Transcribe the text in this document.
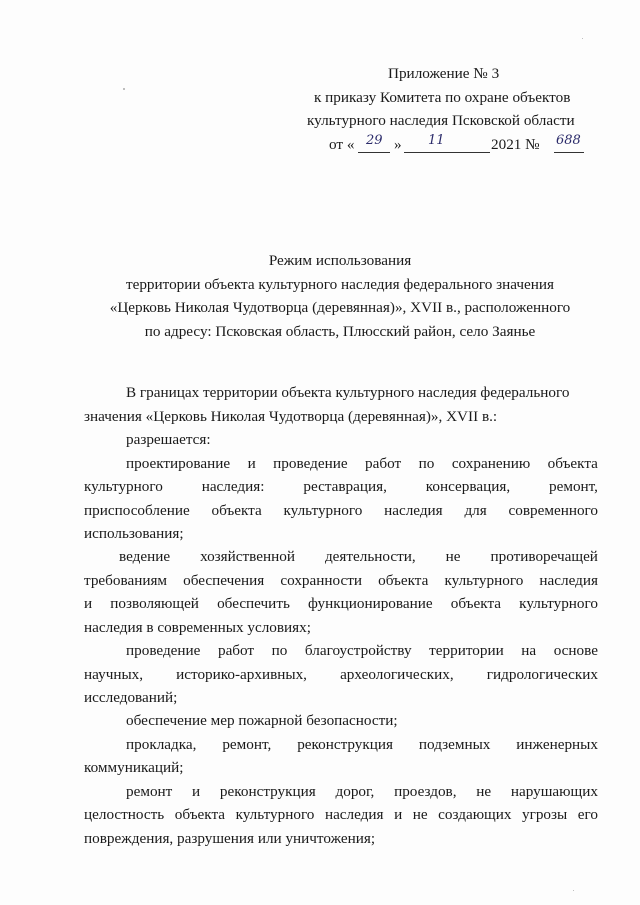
Приложение № 3
к приказу Комитета по охране объектов
культурного наследия Псковской области
от « 29 » 11	2021 № 688
Режим использования
территории объекта культурного наследия федерального значения
«Церковь Николая Чудотворца (деревянная)», XVII в., расположенного
по адресу: Псковская область, Плюсский район, село Заянье
В границах территории объекта культурного наследия федерального
значения «Церковь Николая Чудотворца (деревянная)», XVII в.:
разрешается:
проектирование и проведение работ по сохранению объекта
культурного	наследия:	реставрация,	консервация,	ремонт,
приспособление объекта культурного наследия для современного
использования;
ведение хозяйственной деятельности, не противоречащей
требованиям обеспечения сохранности объекта культурного наследия
и позволяющей обеспечить функционирование объекта культурного
наследия в современных условиях;
проведение работ по благоустройству территории на основе
научных, историко-архивных, археологических, гидрологических
исследований;
обеспечение мер пожарной безопасности;
прокладка, ремонт, реконструкция подземных инженерных
коммуникаций;
ремонт и реконструкция дорог, проездов, не нарушающих
целостность объекта культурного наследия и не создающих угрозы его
повреждения, разрушения или уничтожения;
